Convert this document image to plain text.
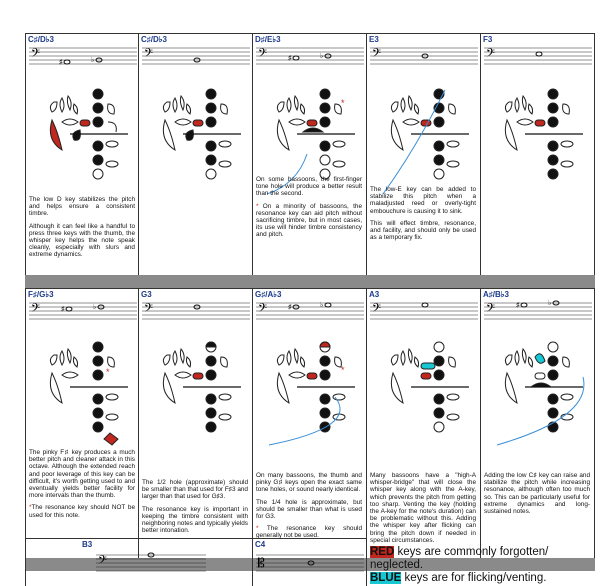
C♯/D♭3
𝄢	♯	♭

The low D key stabilizes the pitch and helps ensure a consistent timbre.

Although it can feel like a handful to press three keys with the thumb, the whisper key helps the note speak cleanly, especially with slurs and extreme dynamics.

C♯/D♭3
𝄢
D♯/E♭3
𝄢	♯	♭
*

On some bassoons, the first-finger tone hole will produce a better result than the second.

* On a minority of bassoons, the resonance key can aid pitch without sacrificing timbre, but in most cases, its use will hinder timbre consistency and pitch.

E3
𝄢

The low-E key can be added to stabilize this pitch when a maladjusted reed or overly-tight embouchure is causing it to sink.

This will effect timbre, resonance, and facility, and should only be used as a temporary fix.

F3
𝄢
F♯/G♭3
𝄢	♯	♭
*

The pinky F♯ key produces a much better pitch and cleaner attack in this octave. Although the extended reach and poor leverage of this key can be difficult, it's worth getting used to and eventually yields better facility for more intervals than the thumb.

*The resonance key should NOT be used for this note.

G3
𝄢

The 1/2 hole (approximate) should be smaller than that used for F♯3 and larger than that used for G♯3.

The resonance key is important in keeping the timbre consistent with neighboring notes and typically yields better intonation.

G♯/A♭3
𝄢	♯	♭
*

On many bassoons, the thumb and pinky G♯ keys open the exact same tone holes, or sound nearly identical.

The 1/4 hole is approximate, but should be smaller than what is used for G3.

* The resonance key should generally not be used.

A3
𝄢

Many bassoons have a "high-A whisper-bridge" that will close the whisper key along with the A-key, which prevents the pitch from getting too sharp. Venting the key (holding the A-key for the note's duration) can be problematic without this. Adding the whisper key after flicking can bring the pitch down if needed in special circumstances.

A♯/B♭3
𝄢	♯	♭

Adding the low C♯ key can raise and stabilize the pitch while increasing resonance, although often too much so. This can be particularly useful for extreme dynamics and long-sustained notes.

B3
𝄢
C4
𝄡
RED keys are commonly forgotten/ neglected.
BLUE keys are for flicking/venting.
